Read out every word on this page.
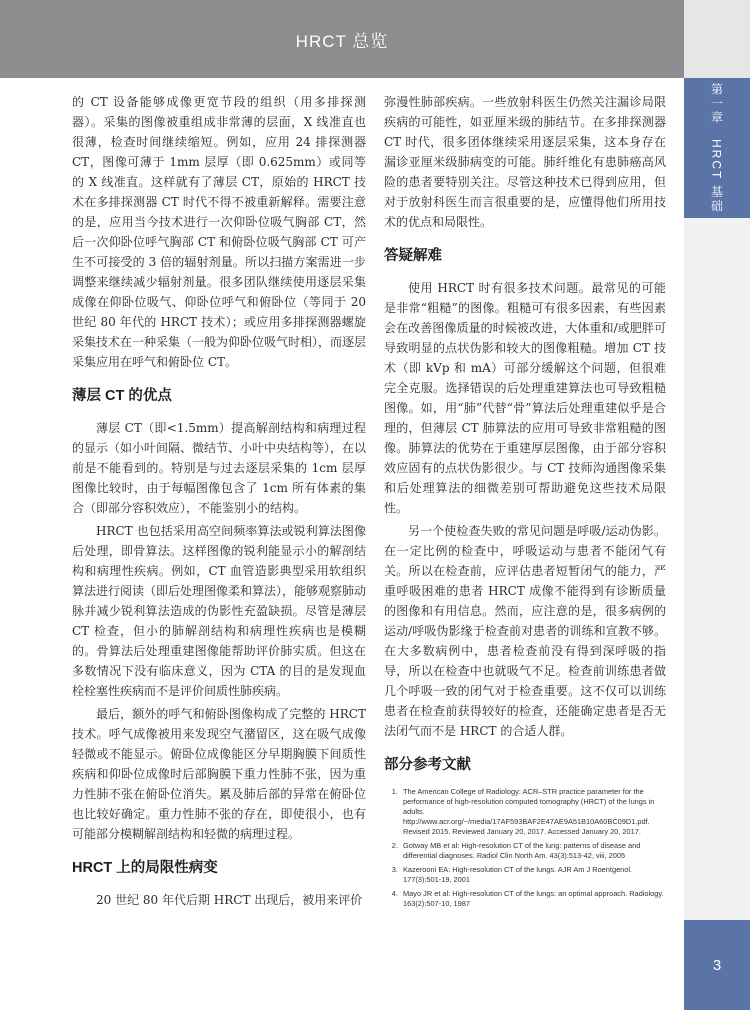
HRCT 总览
第一章　HRCT 基础
3

的 CT 设备能够成像更宽节段的组织（用多排探测器）。采集的图像被重组成非常薄的层面，X 线准直也很薄，检查时间继续缩短。例如，应用 24 排探测器 CT，图像可薄于 1mm 层厚（即 0.625mm）或同等的 X 线准直。这样就有了薄层 CT，原始的 HRCT 技术在多排探测器 CT 时代不得不被重新解释。需要注意的是，应用当今技术进行一次仰卧位吸气胸部 CT，然后一次仰卧位呼气胸部 CT 和俯卧位吸气胸部 CT 可产生不可接受的 3 倍的辐射剂量。所以扫描方案需进一步调整来继续减少辐射剂量。很多团队继续使用逐层采集成像在仰卧位吸气、仰卧位呼气和俯卧位（等同于 20 世纪 80 年代的 HRCT 技术）；或应用多排探测器螺旋采集技术在一种采集（一般为仰卧位吸气时相），而逐层采集应用在呼气和俯卧位 CT。

薄层 CT 的优点

薄层 CT（即<1.5mm）提高解剖结构和病理过程的显示（如小叶间隔、微结节、小叶中央结构等），在以前是不能看到的。特别是与过去逐层采集的 1cm 层厚图像比较时，由于每幅图像包含了 1cm 所有体素的集合（即部分容积效应），不能鉴别小的结构。

HRCT 也包括采用高空间频率算法或锐利算法图像后处理，即骨算法。这样图像的锐利能显示小的解剖结构和病理性疾病。例如，CT 血管造影典型采用软组织算法进行阅读（即后处理图像柔和算法），能够观察肺动脉并减少锐利算法造成的伪影性充盈缺损。尽管是薄层 CT 检查，但小的肺解剖结构和病理性疾病也是模糊的。骨算法后处理重建图像能帮助评价肺实质。但这在多数情况下没有临床意义，因为 CTA 的目的是发现血栓栓塞性疾病而不是评价间质性肺疾病。

最后，额外的呼气和俯卧图像构成了完整的 HRCT 技术。呼气成像被用来发现空气潴留区，这在吸气成像轻微或不能显示。俯卧位成像能区分早期胸膜下间质性疾病和仰卧位成像时后部胸膜下重力性肺不张，因为重力性肺不张在俯卧位消失。累及肺后部的异常在俯卧位也比较好确定。重力性肺不张的存在，即使很小，也有可能部分模糊解剖结构和轻微的病理过程。

HRCT 上的局限性病变

20 世纪 80 年代后期 HRCT 出现后，被用来评价

弥漫性肺部疾病。一些放射科医生仍然关注漏诊局限疾病的可能性，如亚厘米级的肺结节。在多排探测器 CT 时代，很多团体继续采用逐层采集，这本身存在漏诊亚厘米级肺病变的可能。肺纤维化有患肺癌高风险的患者要特别关注。尽管这种技术已得到应用，但对于放射科医生而言很重要的是，应懂得他们所用技术的优点和局限性。

答疑解难

使用 HRCT 时有很多技术问题。最常见的可能是非常“粗糙”的图像。粗糙可有很多因素，有些因素会在改善图像质量的时候被改进，大体重和/或肥胖可导致明显的点状伪影和较大的图像粗糙。增加 CT 技术（即 kVp 和 mA）可部分缓解这个问题，但很难完全克服。选择错误的后处理重建算法也可导致粗糙图像。如，用“肺”代替“骨”算法后处理重建似乎是合理的，但薄层 CT 肺算法的应用可导致非常粗糙的图像。肺算法的优势在于重建厚层图像，由于部分容积效应固有的点状伪影很少。与 CT 技师沟通图像采集和后处理算法的细微差别可帮助避免这些技术局限性。

另一个使检查失败的常见问题是呼吸/运动伪影。在一定比例的检查中，呼吸运动与患者不能闭气有关。所以在检查前，应评估患者短暂闭气的能力，严重呼吸困难的患者 HRCT 成像不能得到有诊断质量的图像和有用信息。然而，应注意的是，很多病例的运动/呼吸伪影缘于检查前对患者的训练和宣教不够。在大多数病例中，患者检查前没有得到深呼吸的指导，所以在检查中也就吸气不足。检查前训练患者做几个呼吸一致的闭气对于检查重要。这不仅可以训练患者在检查前获得较好的检查，还能确定患者是否无法闭气而不是 HRCT 的合适人群。

部分参考文献
1. The American College of Radiology: ACR–STR practice parameter for the performance of high-resolution computed tomography (HRCT) of the lungs in adults. http://www.acr.org/~/media/17AF593BAF2E47AE9A51B10A60BC09D1.pdf. Revised 2015. Reviewed January 20, 2017. Accessed January 20, 2017.
2. Gotway MB et al: High-resolution CT of the lung: patterns of disease and differential diagnoses. Radiol Clin North Am. 43(3):513-42, viii, 2005
3. Kazerooni EA: High-resolution CT of the lungs. AJR Am J Roentgenol. 177(3):501-19, 2001
4. Mayo JR et al: High-resolution CT of the lungs: an optimal approach. Radiology. 163(2):507-10, 1987
